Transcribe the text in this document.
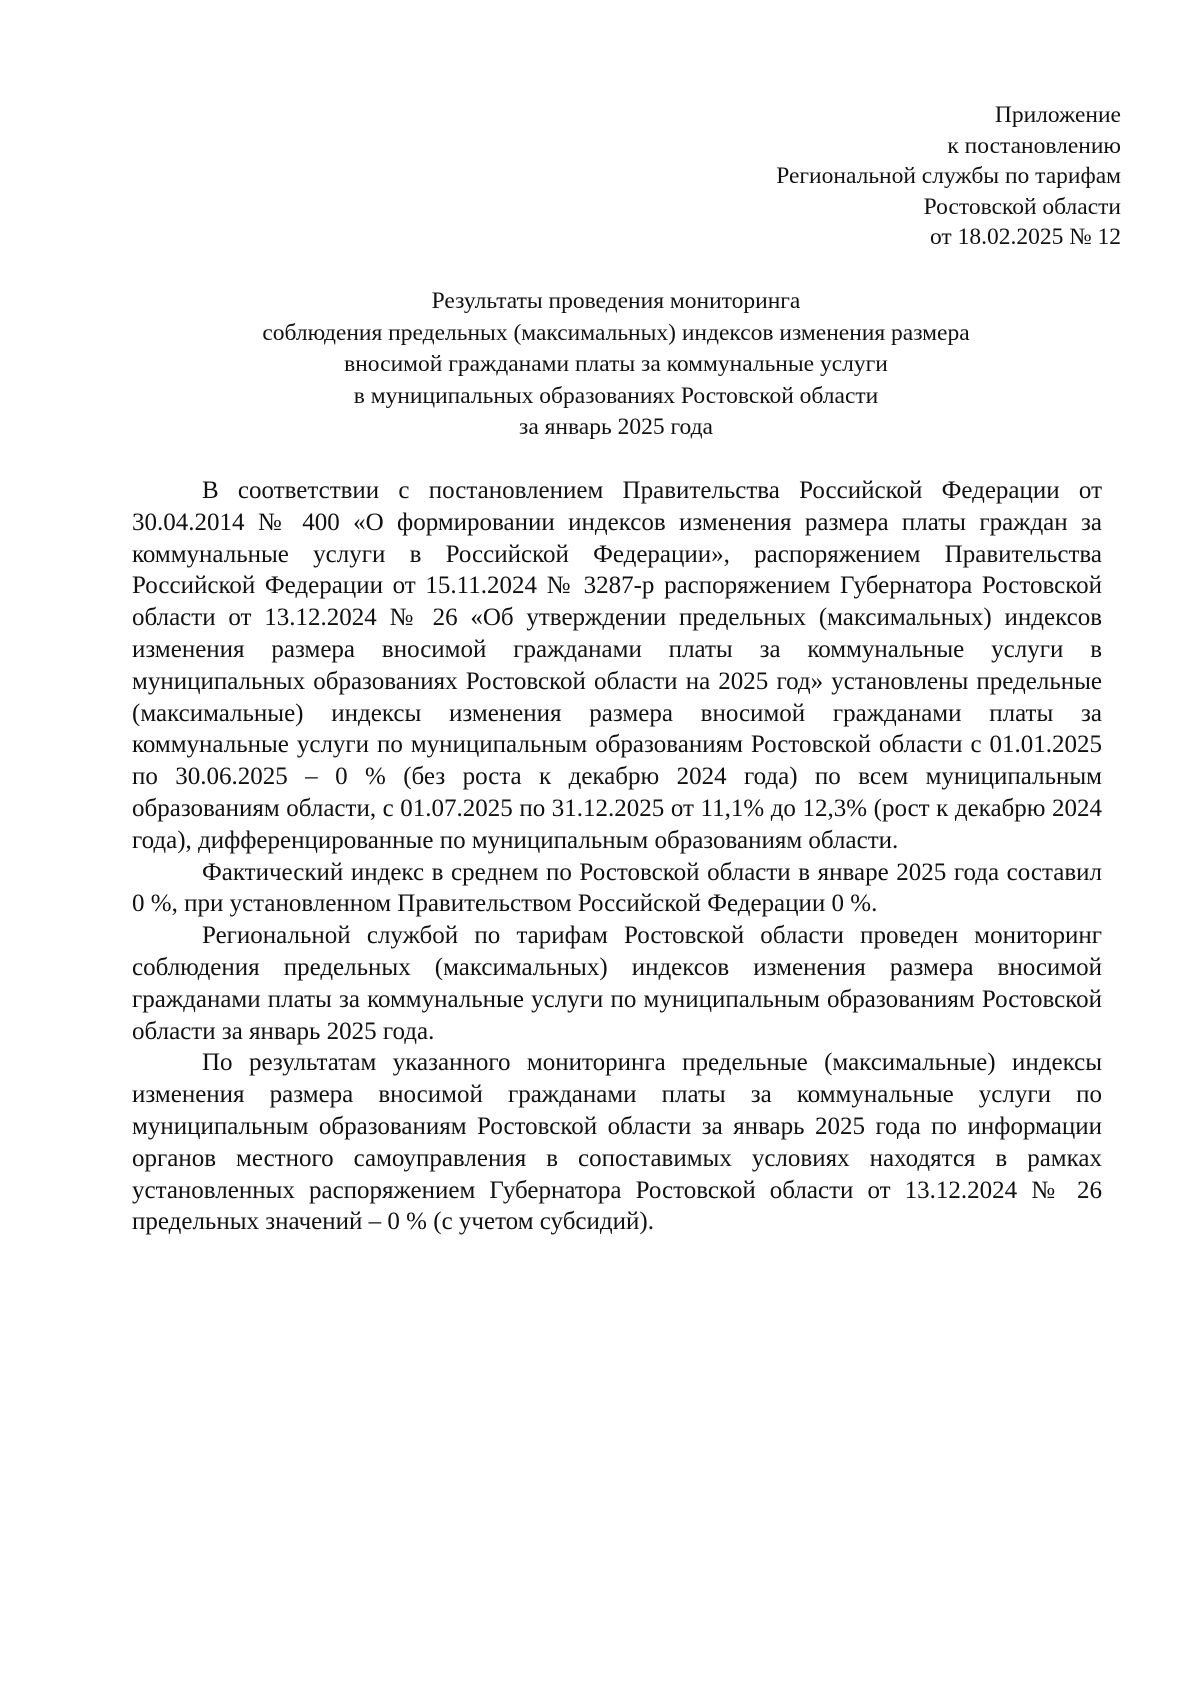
Приложение
к постановлению
Региональной службы по тарифам
Ростовской области
от 18.02.2025 № 12
Результаты проведения мониторинга
соблюдения предельных (максимальных) индексов изменения размера
вносимой гражданами платы за коммунальные услуги
в муниципальных образованиях Ростовской области
за январь 2025 года

В соответствии с постановлением Правительства Российской Федерации от 30.04.2014 № 400 «О формировании индексов изменения размера платы граждан за коммунальные услуги в Российской Федерации», распоряжением Правительства Российской Федерации от 15.11.2024 № 3287-р распоряжением Губернатора Ростовской области от 13.12.2024 № 26 «Об утверждении предельных (максимальных) индексов изменения размера вносимой гражданами платы за коммунальные услуги в муниципальных образованиях Ростовской области на 2025 год» установлены предельные (максимальные) индексы изменения размера вносимой гражданами платы за коммунальные услуги по муниципальным образованиям Ростовской области с 01.01.2025 по 30.06.2025 – 0 % (без роста к декабрю 2024 года) по всем муниципальным образованиям области, с 01.07.2025 по 31.12.2025 от 11,1% до 12,3% (рост к декабрю 2024 года), дифференцированные по муниципальным образованиям области.

Фактический индекс в среднем по Ростовской области в январе 2025 года составил 0 %, при установленном Правительством Российской Федерации 0 %.

Региональной службой по тарифам Ростовской области проведен мониторинг соблюдения предельных (максимальных) индексов изменения размера вносимой гражданами платы за коммунальные услуги по муниципальным образованиям Ростовской области за январь 2025 года.

По результатам указанного мониторинга предельные (максимальные) индексы изменения размера вносимой гражданами платы за коммунальные услуги по муниципальным образованиям Ростовской области за январь 2025 года по информации органов местного самоуправления в сопоставимых условиях находятся в рамках установленных распоряжением Губернатора Ростовской области от 13.12.2024 № 26 предельных значений – 0 % (с учетом субсидий).
